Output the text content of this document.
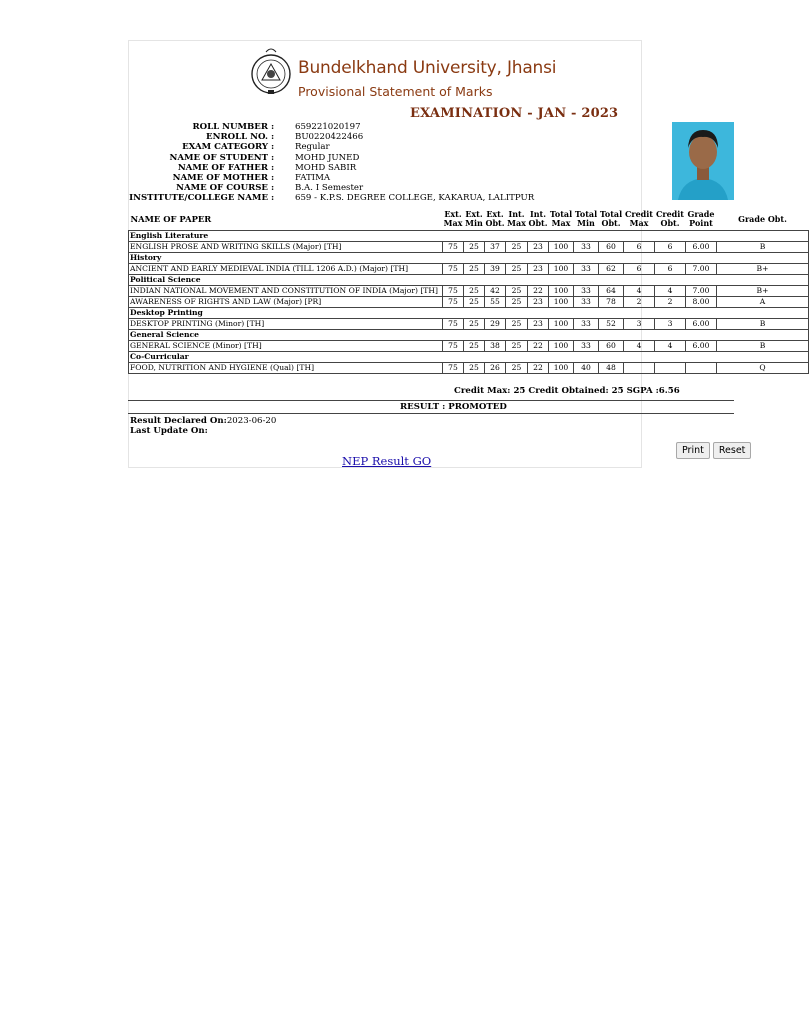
Bundelkhand University, Jhansi
Provisional Statement of Marks
EXAMINATION - JAN - 2023
ROLL NUMBER : 659221020197
ENROLL NO. : BU0220422466
EXAM CATEGORY : Regular
NAME OF STUDENT : MOHD JUNED
NAME OF FATHER : MOHD SABIR
NAME OF MOTHER : FATIMA
NAME OF COURSE : B.A. I Semester
INSTITUTE/COLLEGE NAME : 659 - K.P.S. DEGREE COLLEGE, KAKARUA, LALITPUR
NAME OF PAPER	Ext. Max	Ext. Min	Ext. Obt.	Int. Max	Int. Obt.	Total Max	Total Min	Total Obt.	Credit Max	Credit Obt.	Grade Point	Grade Obt.	
English Literature													
ENGLISH PROSE AND WRITING SKILLS (Major) [TH]	75	25	37	25	23	100	33	60	6	6	6.00	B	
History													
ANCIENT AND EARLY MEDIEVAL INDIA (TILL 1206 A.D.) (Major) [TH]	75	25	39	25	23	100	33	62	6	6	7.00	B+	
Political Science													
INDIAN NATIONAL MOVEMENT AND CONSTITUTION OF INDIA (Major) [TH]	75	25	42	25	22	100	33	64	4	4	7.00	B+	
AWARENESS OF RIGHTS AND LAW (Major) [PR]	75	25	55	25	23	100	33	78	2	2	8.00	A	
Desktop Printing													
DESKTOP PRINTING (Minor) [TH]	75	25	29	25	23	100	33	52	3	3	6.00	B	
General Science													
GENERAL SCIENCE (Minor) [TH]	75	25	38	25	22	100	33	60	4	4	6.00	B	
Co-Curricular													
FOOD, NUTRITION AND HYGIENE (Qual) [TH]	75	25	26	25	22	100	40	48				Q	
Credit Max: 25 Credit Obtained: 25 SGPA :6.56
RESULT : PROMOTED
Result Declared On:2023-06-20
Last Update On:
Print Reset
NEP Result GO
